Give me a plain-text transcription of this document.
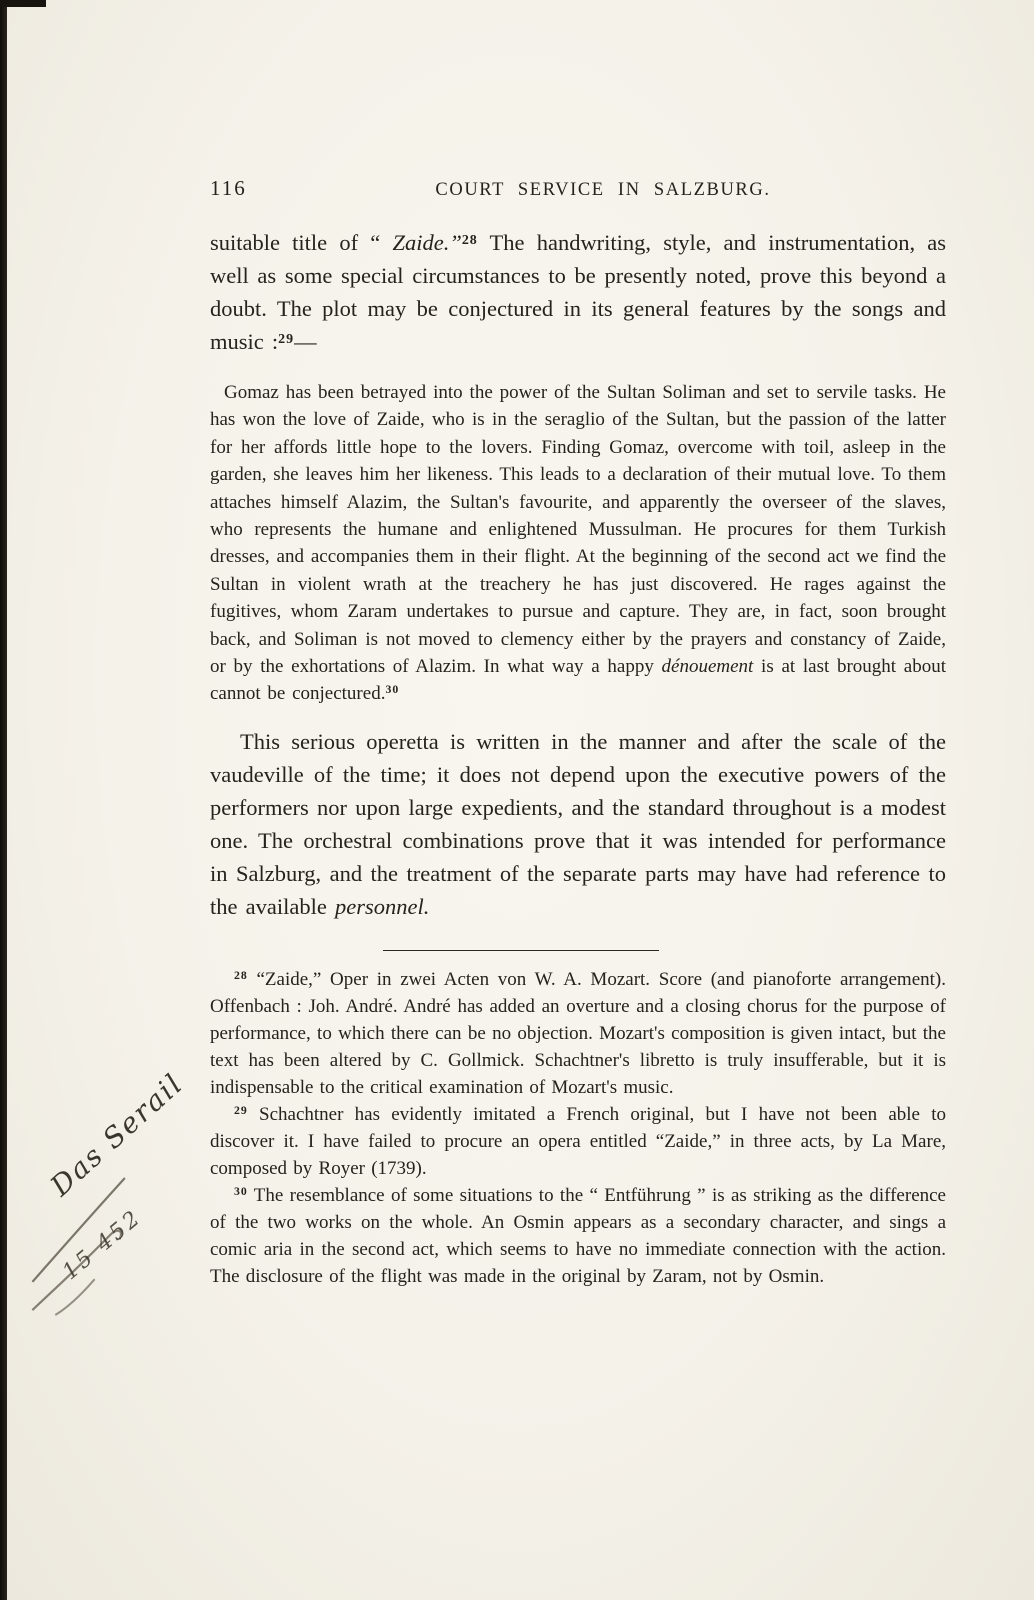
116	COURT SERVICE IN SALZBURG.
suitable title of “ Zaide.”$^{28}$ The handwriting, style, and instrumentation, as well as some special circumstances to be presently noted, prove this beyond a doubt. The plot may be conjectured in its general features by the songs and music :$^{29}$—
Gomaz has been betrayed into the power of the Sultan Soliman and set to servile tasks. He has won the love of Zaide, who is in the seraglio of the Sultan, but the passion of the latter for her affords little hope to the lovers. Finding Gomaz, overcome with toil, asleep in the garden, she leaves him her likeness. This leads to a declaration of their mutual love. To them attaches himself Alazim, the Sultan's favourite, and apparently the overseer of the slaves, who represents the humane and enlightened Mussulman. He procures for them Turkish dresses, and accompanies them in their flight. At the beginning of the second act we find the Sultan in violent wrath at the treachery he has just discovered. He rages against the fugitives, whom Zaram undertakes to pursue and capture. They are, in fact, soon brought back, and Soliman is not moved to clemency either by the prayers and constancy of Zaide, or by the exhortations of Alazim. In what way a happy dénouement is at last brought about cannot be conjectured.$^{30}$
This serious operetta is written in the manner and after the scale of the vaudeville of the time; it does not depend upon the executive powers of the performers nor upon large expedients, and the standard throughout is a modest one. The orchestral combinations prove that it was intended for performance in Salzburg, and the treatment of the separate parts may have had reference to the available personnel.
$^{28}$ “Zaide,” Oper in zwei Acten von W. A. Mozart. Score (and pianoforte arrangement). Offenbach : Joh. André. André has added an overture and a closing chorus for the purpose of performance, to which there can be no objection. Mozart's composition is given intact, but the text has been altered by C. Gollmick. Schachtner's libretto is truly insufferable, but it is indispensable to the critical examination of Mozart's music.
$^{29}$ Schachtner has evidently imitated a French original, but I have not been able to discover it. I have failed to procure an opera entitled “Zaide,” in three acts, by La Mare, composed by Royer (1739).
$^{30}$ The resemblance of some situations to the “ Entführung ” is as striking as the difference of the two works on the whole. An Osmin appears as a secondary character, and sings a comic aria in the second act, which seems to have no immediate connection with the action. The disclosure of the flight was made in the original by Zaram, not by Osmin.
Das Serail
15 452
